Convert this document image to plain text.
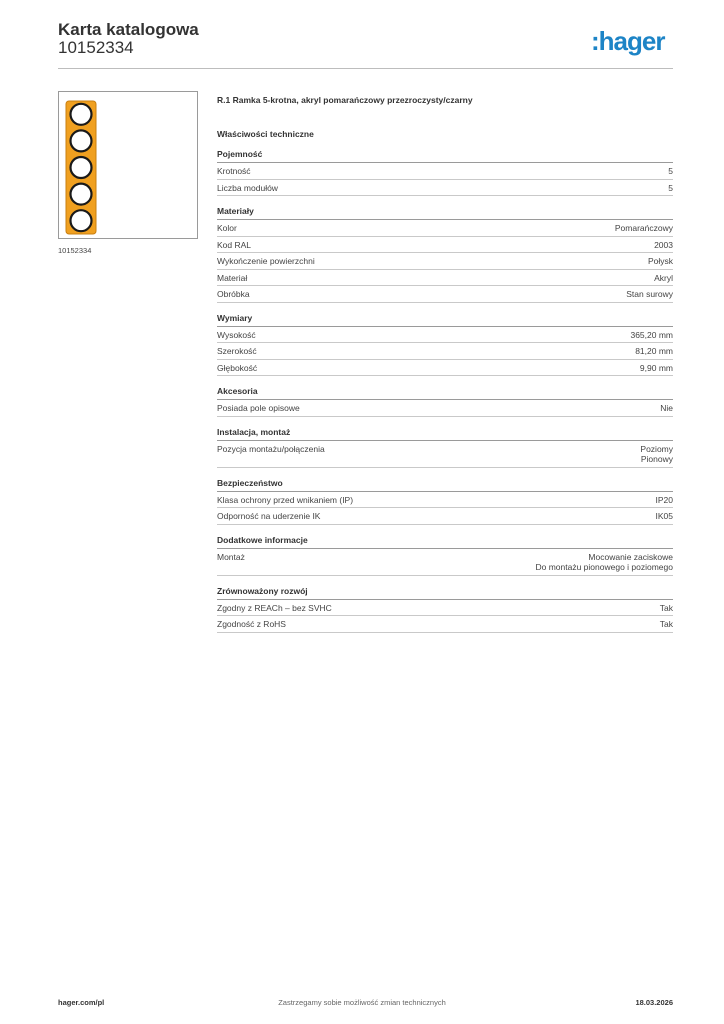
Karta katalogowa
10152334	:hager
10152334
R.1 Ramka 5-krotna, akryl pomarańczowy przezroczysty/czarny
Właściwości techniczne
Pojemność
Krotność	5
Liczba modułów	5
Materiały
Kolor	Pomarańczowy
Kod RAL	2003
Wykończenie powierzchni	Połysk
Materiał	Akryl
Obróbka	Stan surowy
Wymiary
Wysokość	365,20 mm
Szerokość	81,20 mm
Głębokość	9,90 mm
Akcesoria
Posiada pole opisowe	Nie
Instalacja, montaż
Pozycja montażu/połączenia	Poziomy
Pionowy
Bezpieczeństwo
Klasa ochrony przed wnikaniem (IP)	IP20
Odporność na uderzenie IK	IK05
Dodatkowe informacje
Montaż	Mocowanie zaciskowe
Do montażu pionowego i poziomego
Zrównoważony rozwój
Zgodny z REACh – bez SVHC	Tak
Zgodność z RoHS	Tak
hager.com/pl	Zastrzegamy sobie możliwość zmian technicznych	18.03.2026
